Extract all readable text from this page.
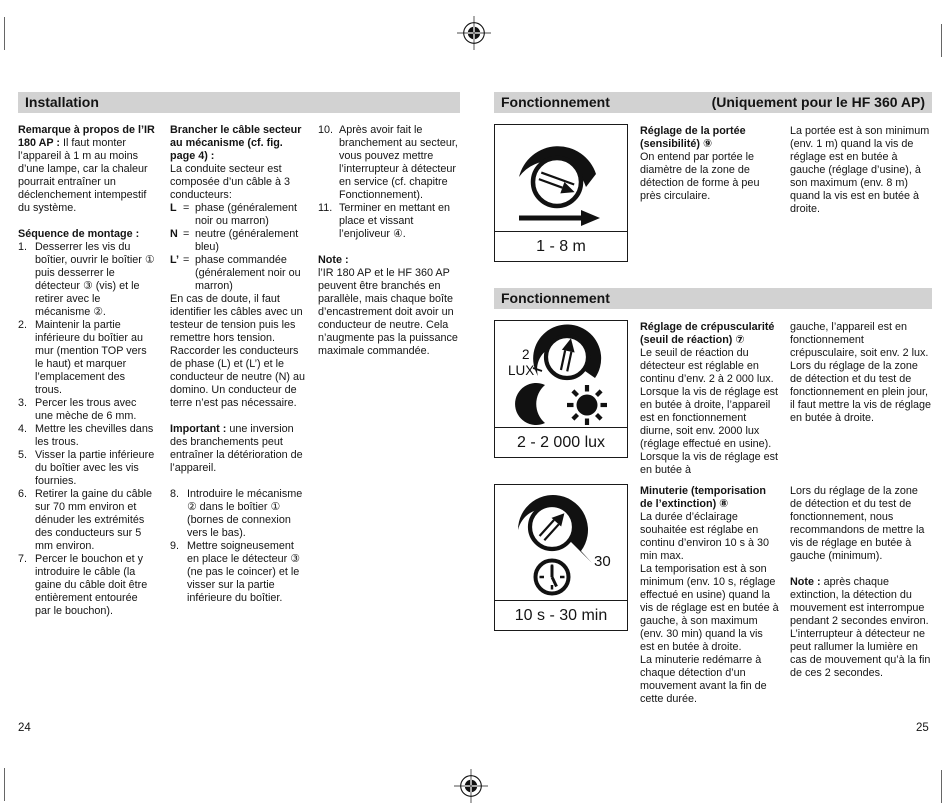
Installation

Remarque à propos de l’IR 180 AP : Il faut monter l’appareil à 1 m au moins d’une lampe, car la chaleur pourrait entraîner un déclenchement intempestif du système.

Séquence de montage :

1. Desserrer les vis du boîtier, ouvrir le boîtier ① puis desserrer le détecteur ③ (vis) et le retirer avec le mécanisme ②.
2. Maintenir la partie inférieure du boîtier au mur (mention TOP vers le haut) et marquer l’emplacement des trous.
3. Percer les trous avec une mèche de 6 mm.
4. Mettre les chevilles dans les trous.
5. Visser la partie inférieure du boîtier avec les vis fournies.
6. Retirer la gaine du câble sur 70 mm environ et dénuder les extrémités des conducteurs sur 5 mm environ.
7. Percer le bouchon et y introduire le câble (la gaine du câble doit être entièrement entourée par le bouchon).

Brancher le câble secteur au mécanisme (cf. fig. page 4) :
La conduite secteur est composée d’un câble à 3 conducteurs:

L = phase (généralement noir ou marron)
N = neutre (généralement bleu)
L’ = phase commandée (généralement noir ou marron)

En cas de doute, il faut identifier les câbles avec un testeur de tension puis les remettre hors tension. Raccorder les conducteurs de phase (L) et (L’) et le conducteur de neutre (N) au domino. Un conducteur de terre n’est pas nécessaire.

Important : une inversion des branchements peut entraîner la détérioration de l’appareil.

8. Introduire le mécanisme ② dans le boîtier ① (bornes de connexion vers le bas).
9. Mettre soigneusement en place le détecteur ③ (ne pas le coincer) et le visser sur la partie inférieure du boîtier.
10. Après avoir fait le branchement au secteur, vous pouvez mettre l’interrupteur à détecteur en service (cf. chapitre Fonctionnement).
11. Terminer en mettant en place et vissant l’enjoliveur ④.

Note :
l’IR 180 AP et le HF 360 AP peuvent être branchés en parallèle, mais chaque boîte d’encastrement doit avoir un conducteur de neutre. Cela n’augmente pas la puissance maximale commandée.

Fonctionnement	(Uniquement pour le HF 360 AP)
1 - 8 m
Réglage de la portée (sensibilité) ⑨
On entend par portée le diamètre de la zone de détection de forme à peu près circulaire.
La portée est à son minimum (env. 1 m) quand la vis de réglage est en butée à gauche (réglage d’usine), à son maximum (env. 8 m) quand la vis est en butée à droite.
Fonctionnement
2
LUX
2 - 2 000 lux
Réglage de crépuscularité (seuil de réaction) ⑦

Le seuil de réaction du détecteur est réglable en continu d’env. 2 à 2 000 lux.

Lorsque la vis de réglage est en butée à droite, l’appareil est en fonctionnement diurne, soit env. 2000 lux (réglage effectué en usine). Lorsque la vis de réglage est en butée à

gauche, l’appareil est en fonctionnement crépusculaire, soit env. 2 lux.

Lors du réglage de la zone de détection et du test de fonctionnement en plein jour, il faut mettre la vis de réglage en butée à droite.

30
10 s - 30 min
Minuterie (temporisation de l’extinction) ⑧

La durée d’éclairage souhaitée est réglabe en continu d’environ 10 s à 30 min max.

La temporisation est à son minimum (env. 10 s, réglage effectué en usine) quand la vis de réglage est en butée à gauche, à son maximum (env. 30 min) quand la vis est en butée à droite.

La minuterie redémarre à chaque détection d’un mouvement avant la fin de cette durée.

Lors du réglage de la zone de détection et du test de fonctionnement, nous recommandons de mettre la vis de réglage en butée à gauche (minimum).

Note : après chaque extinction, la détection du mouvement est interrompue pendant 2 secondes environ. L’interrupteur à détecteur ne peut rallumer la lumière en cas de mouvement qu’à la fin de ces 2 secondes.

24	25
